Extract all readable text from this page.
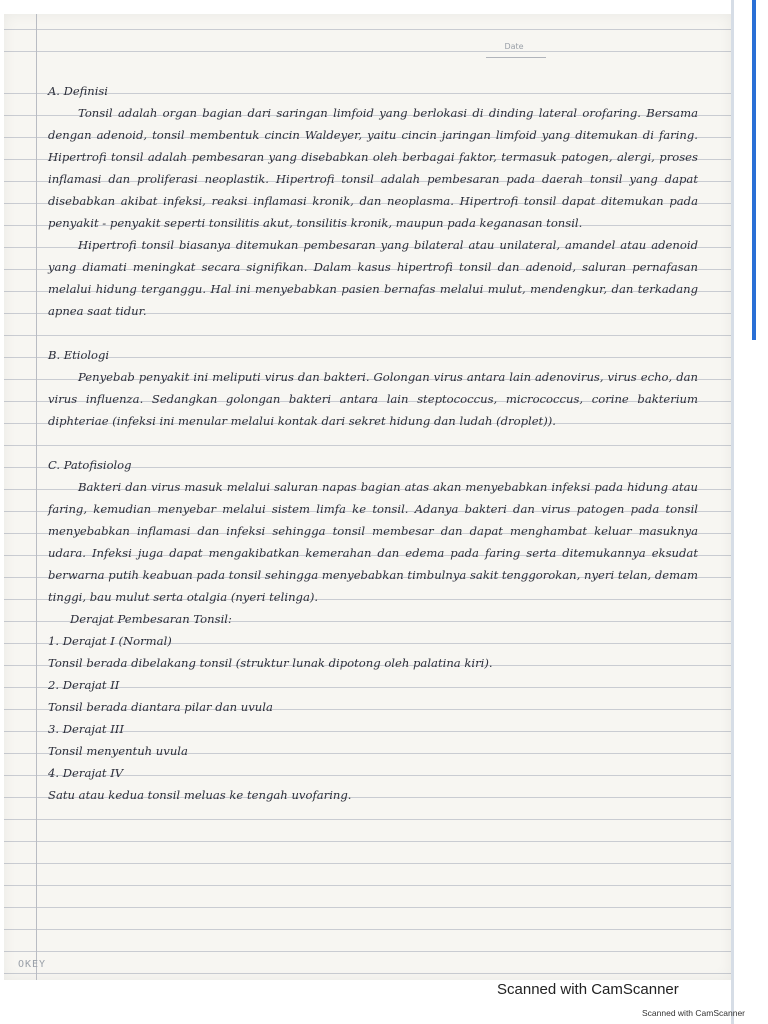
Date
A. Definisi
Tonsil adalah organ bagian dari saringan limfoid yang berlokasi di dinding lateral orofaring. Bersama dengan adenoid, tonsil membentuk cincin Waldeyer, yaitu cincin jaringan limfoid yang ditemukan di faring. Hipertrofi tonsil adalah pembesaran yang disebabkan oleh berbagai faktor, termasuk patogen, alergi, proses inflamasi dan proliferasi neoplastik. Hipertrofi tonsil adalah pembesaran pada daerah tonsil yang dapat disebabkan akibat infeksi, reaksi inflamasi kronik, dan neoplasma. Hipertrofi tonsil dapat ditemukan pada penyakit - penyakit seperti tonsilitis akut, tonsilitis kronik, maupun pada keganasan tonsil.
Hipertrofi tonsil biasanya ditemukan pembesaran yang bilateral atau unilateral, amandel atau adenoid yang diamati meningkat secara signifikan. Dalam kasus hipertrofi tonsil dan adenoid, saluran pernafasan melalui hidung terganggu. Hal ini menyebabkan pasien bernafas melalui mulut, mendengkur, dan terkadang apnea saat tidur.
B. Etiologi
Penyebab penyakit ini meliputi virus dan bakteri. Golongan virus antara lain adenovirus, virus echo, dan virus influenza. Sedangkan golongan bakteri antara lain steptococcus, micrococcus, corine bakterium diphteriae (infeksi ini menular melalui kontak dari sekret hidung dan ludah (droplet)).
C. Patofisiolog
Bakteri dan virus masuk melalui saluran napas bagian atas akan menyebabkan infeksi pada hidung atau faring, kemudian menyebar melalui sistem limfa ke tonsil. Adanya bakteri dan virus patogen pada tonsil menyebabkan inflamasi dan infeksi sehingga tonsil membesar dan dapat menghambat keluar masuknya udara. Infeksi juga dapat mengakibatkan kemerahan dan edema pada faring serta ditemukannya eksudat berwarna putih keabuan pada tonsil sehingga menyebabkan timbulnya sakit tenggorokan, nyeri telan, demam tinggi, bau mulut serta otalgia (nyeri telinga).
Derajat Pembesaran Tonsil:
1. Derajat I (Normal)
Tonsil berada dibelakang tonsil (struktur lunak dipotong oleh palatina kiri).
2. Derajat II
Tonsil berada diantara pilar dan uvula
3. Derajat III
Tonsil menyentuh uvula
4. Derajat IV
Satu atau kedua tonsil meluas ke tengah uvofaring.
OKEY
Scanned with CamScanner
Scanned with CamScanner
